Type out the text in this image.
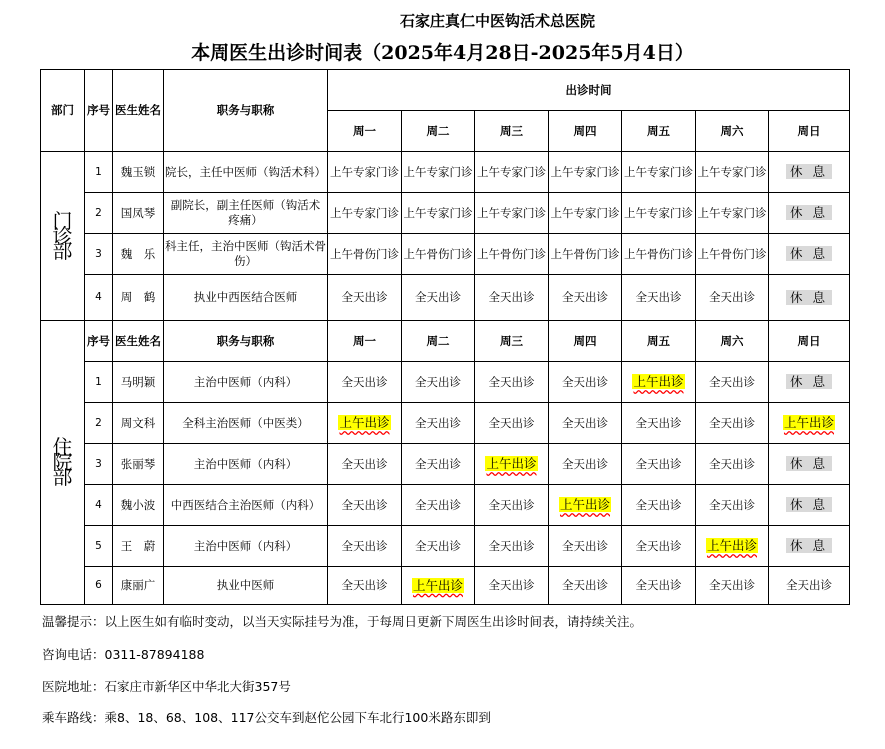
石家庄真仁中医钩活术总医院
本周医生出诊时间表（2025年4月28日-2025年5月4日）
部门	序号	医生姓名	职务与职称	出诊时间						
				周一	周二	周三	周四	周五	周六	周日
门诊部	1	魏玉锁	院长，主任中医师（钩活术科）	上午专家门诊	上午专家门诊	上午专家门诊	上午专家门诊	上午专家门诊	上午专家门诊	休 息
	2	国凤琴	副院长，副主任医师（钩活术 疼痛）	上午专家门诊	上午专家门诊	上午专家门诊	上午专家门诊	上午专家门诊	上午专家门诊	休 息
	3	魏　乐	科主任，主治中医师（钩活术骨伤）	上午骨伤门诊	上午骨伤门诊	上午骨伤门诊	上午骨伤门诊	上午骨伤门诊	上午骨伤门诊	休 息
	4	周　鹤	执业中西医结合医师	全天出诊	全天出诊	全天出诊	全天出诊	全天出诊	全天出诊	休 息
住院部	序号	医生姓名	职务与职称	周一	周二	周三	周四	周五	周六	周日
	1	马明颖	主治中医师（内科）	全天出诊	全天出诊	全天出诊	全天出诊	上午出诊	全天出诊	休 息
	2	周文科	全科主治医师（中医类）	上午出诊	全天出诊	全天出诊	全天出诊	全天出诊	全天出诊	上午出诊
	3	张丽琴	主治中医师（内科）	全天出诊	全天出诊	上午出诊	全天出诊	全天出诊	全天出诊	休 息
	4	魏小波	中西医结合主治医师（内科）	全天出诊	全天出诊	全天出诊	上午出诊	全天出诊	全天出诊	休 息
	5	王　蔚	主治中医师（内科）	全天出诊	全天出诊	全天出诊	全天出诊	全天出诊	上午出诊	休 息
	6	康丽广	执业中医师	全天出诊	上午出诊	全天出诊	全天出诊	全天出诊	全天出诊	全天出诊
温馨提示：以上医生如有临时变动，以当天实际挂号为准，于每周日更新下周医生出诊时间表，请持续关注。
咨询电话：0311-87894188
医院地址：石家庄市新华区中华北大街357号
乘车路线：乘8、18、68、108、117公交车到赵佗公园下车北行100米路东即到
